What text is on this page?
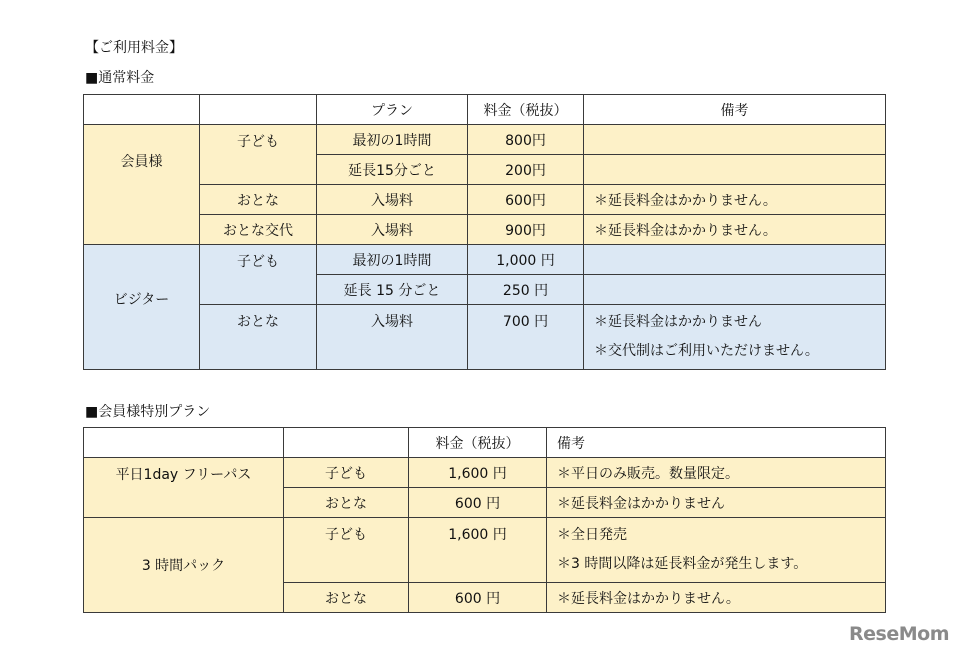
【ご利用料金】
■通常料金
		プラン	料金（税抜）	備考
会員様	子ども	最初の1時間	800円	
		延長15分ごと	200円	
	おとな	入場料	600円	＊延長料金はかかりません。
	おとな交代	入場料	900円	＊延長料金はかかりません。
ビジター	子ども	最初の1時間	1,000 円	
		延長 15 分ごと	250 円	
	おとな	入場料	700 円	＊延長料金はかかりません
＊交代制はご利用いただけません。
■会員様特別プラン
		料金（税抜）	備考
平日1day フリーパス	子ども	1,600 円	＊平日のみ販売。数量限定。
	おとな	600 円	＊延長料金はかかりません
3 時間パック	子ども	1,600 円	＊全日発売
＊3 時間以降は延長料金が発生します。
	おとな	600 円	＊延長料金はかかりません。
ReseMom
